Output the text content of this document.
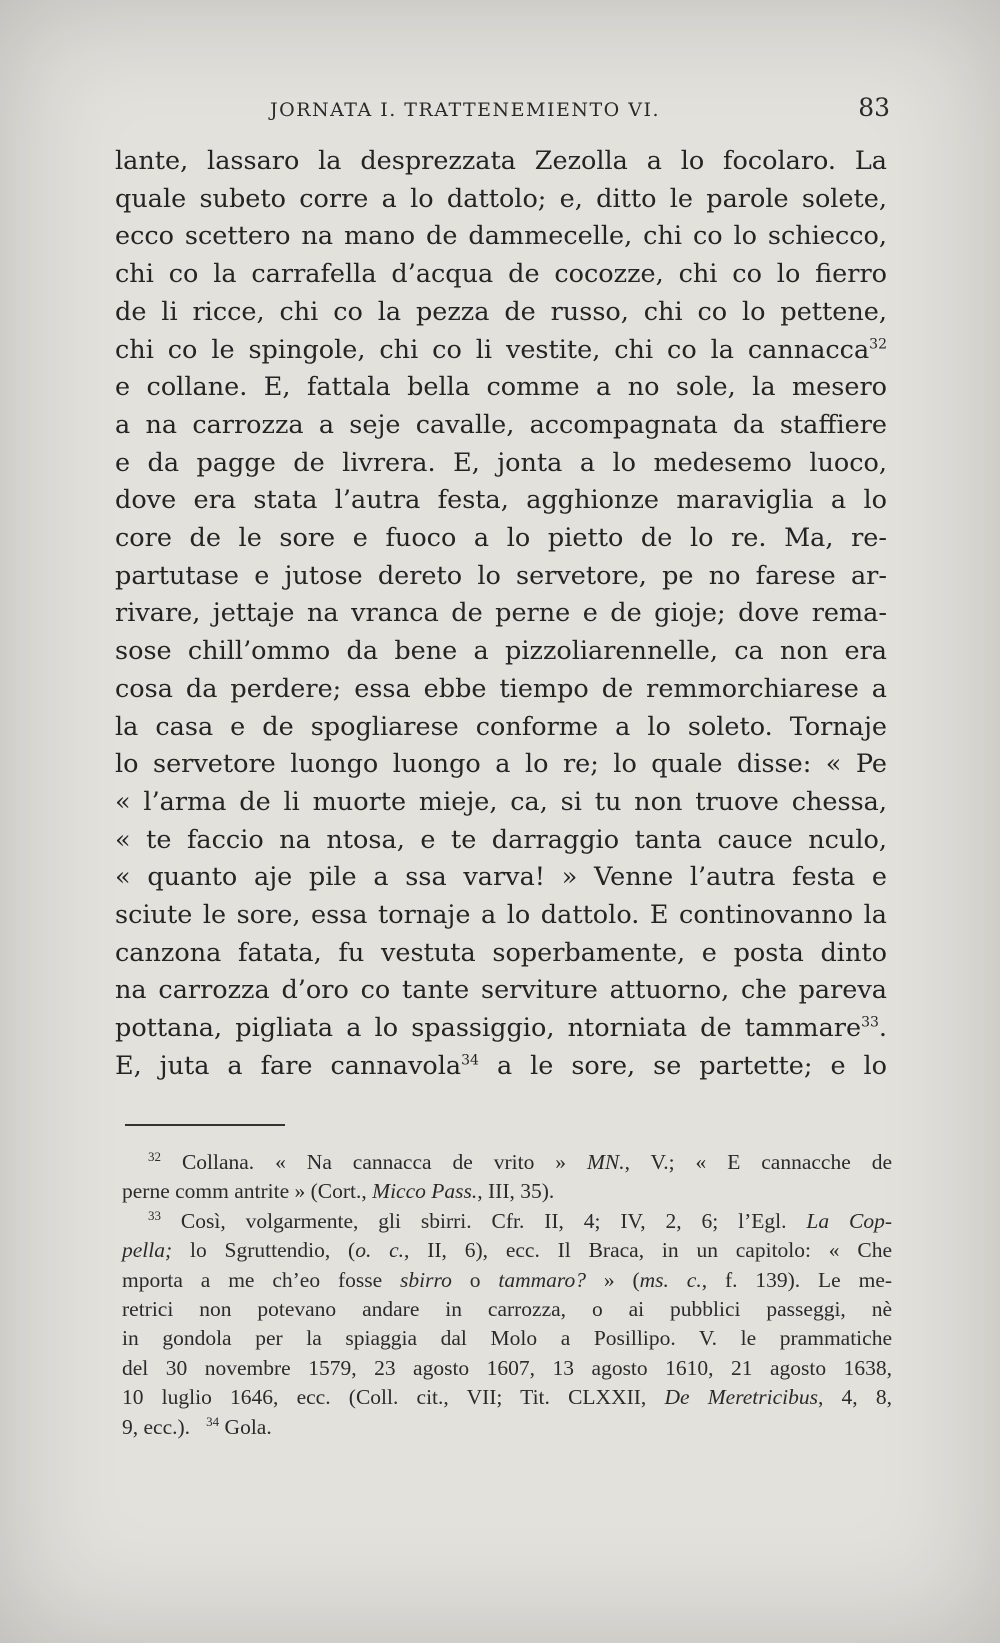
JORNATA I. TRATTENEMIENTO VI.	83
lante, lassaro la desprezzata Zezolla a lo focolaro. La
quale subeto corre a lo dattolo; e, ditto le parole solete,
ecco scettero na mano de dammecelle, chi co lo schiecco,
chi co la carrafella d’acqua de cocozze, chi co lo fierro
de li ricce, chi co la pezza de russo, chi co lo pettene,
chi co le spingole, chi co li vestite, chi co la cannacca$^{32}$
e collane. E, fattala bella comme a no sole, la mesero
a na carrozza a seje cavalle, accompagnata da staffiere
e da pagge de livrera. E, jonta a lo medesemo luoco,
dove era stata l’autra festa, agghionze maraviglia a lo
core de le sore e fuoco a lo pietto de lo re. Ma, re-
partutase e jutose dereto lo servetore, pe no farese ar-
rivare, jettaje na vranca de perne e de gioje; dove rema-
sose chill’ommo da bene a pizzoliarennelle, ca non era
cosa da perdere; essa ebbe tiempo de remmorchiarese a
la casa e de spogliarese conforme a lo soleto. Tornaje
lo servetore luongo luongo a lo re; lo quale disse: « Pe
« l’arma de li muorte mieje, ca, si tu non truove chessa,
« te faccio na ntosa, e te darraggio tanta cauce nculo,
« quanto aje pile a ssa varva! » Venne l’autra festa e
sciute le sore, essa tornaje a lo dattolo. E continovanno la
canzona fatata, fu vestuta soperbamente, e posta dinto
na carrozza d’oro co tante serviture attuorno, che pareva
pottana, pigliata a lo spassiggio, ntorniata de tammare$^{33}$.
E, juta a fare cannavola$^{34}$ a le sore, se partette; e lo
$^{32}$ Collana. « Na cannacca de vrito » MN., V.; « E cannacche de
perne comm antrite » (Cort., Micco Pass., III, 35).
$^{33}$ Così, volgarmente, gli sbirri. Cfr. II, 4; IV, 2, 6; l’Egl. La Cop-
pella; lo Sgruttendio, (o. c., II, 6), ecc. Il Braca, in un capitolo: « Che
mporta a me ch’eo fosse sbirro o tammaro? » (ms. c., f. 139). Le me-
retrici non potevano andare in carrozza, o ai pubblici passeggi, nè
in gondola per la spiaggia dal Molo a Posillipo. V. le prammatiche
del 30 novembre 1579, 23 agosto 1607, 13 agosto 1610, 21 agosto 1638,
10 luglio 1646, ecc. (Coll. cit., VII; Tit. CLXXII, De Meretricibus, 4, 8,
9, ecc.). $^{34}$ Gola.
